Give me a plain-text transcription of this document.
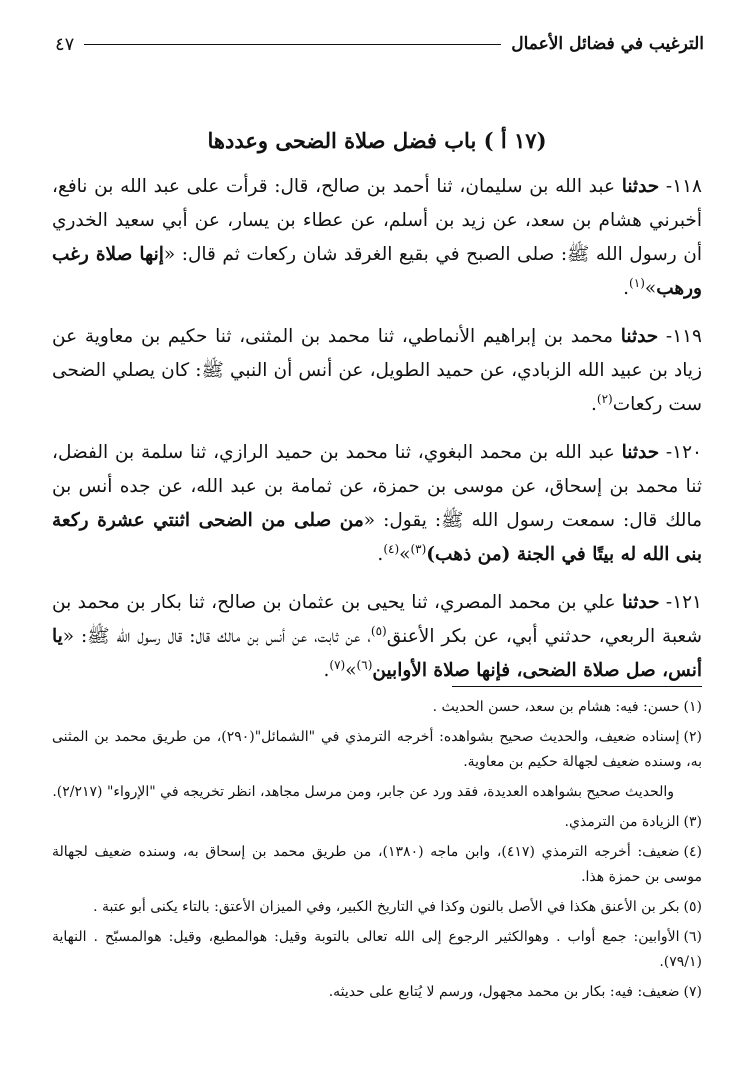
الترغيب في فضائل الأعمال
٤٧
(١٧ أ ) باب فضل صلاة الضحى وعددها

١١٨- حدثنا عبد الله بن سليمان، ثنا أحمد بن صالح، قال: قرأت على عبد الله بن نافع، أخبرني هشام بن سعد، عن زيد بن أسلم، عن عطاء بن يسار، عن أبي سعيد الخدري أن رسول الله ﷺ: صلى الصبح في بقيع الغرقد شان ركعات ثم قال: «إنها صلاة رغب ورهب»$^{(١)}$.

١١٩- حدثنا محمد بن إبراهيم الأنماطي، ثنا محمد بن المثنى، ثنا حكيم بن معاوية عن زياد بن عبيد الله الزبادي، عن حميد الطويل، عن أنس أن النبي ﷺ: كان يصلي الضحى ست ركعات$^{(٢)}$.

١٢٠- حدثنا عبد الله بن محمد البغوي، ثنا محمد بن حميد الرازي، ثنا سلمة بن الفضل، ثنا محمد بن إسحاق، عن موسى بن حمزة، عن ثمامة بن عبد الله، عن جده أنس بن مالك قال: سمعت رسول الله ﷺ: يقول: «من صلى من الضحى اثنتي عشرة ركعة بنى الله له بيتًا في الجنة (من ذهب)$^{(٣)}$»$^{(٤)}$.

١٢١- حدثنا علي بن محمد المصري، ثنا يحيى بن عثمان بن صالح، ثنا بكار بن محمد بن شعبة الربعي، حدثني أبي، عن بكر الأعنق$^{(٥)}$، عن ثابت، عن أنس بن مالك قال: قال رسول الله ﷺ: «يا أنس، صل صلاة الضحى، فإنها صلاة الأوابين$^{(٦)}$»$^{(٧)}$.

(١)حسن: فيه: هشام بن سعد، حسن الحديث .

(٢)إسناده ضعيف، والحديث صحيح بشواهده: أخرجه الترمذي في "الشمائل"(٢٩٠)، من طريق محمد بن المثنى به، وسنده ضعيف لجهالة حكيم بن معاوية.

والحديث صحيح بشواهده العديدة، فقد ورد عن جابر، ومن مرسل مجاهد، انظر تخريجه في "الإرواء" (٢/٢١٧).

(٣)الزيادة من الترمذي.

(٤)ضعيف: أخرجه الترمذي (٤١٧)، وابن ماجه (١٣٨٠)، من طريق محمد بن إسحاق به، وسنده ضعيف لجهالة موسى بن حمزة هذا.

(٥)بكر بن الأعنق هكذا في الأصل بالنون وكذا في التاريخ الكبير، وفي الميزان الأعتق: بالتاء يكنى أبو عتبة .

(٦)الأوابين: جمع أواب . وهوالكثير الرجوع إلى الله تعالى بالتوبة وقيل: هوالمطيع، وقيل: هوالمسبّح . النهاية (٧٩/١).

(٧)ضعيف: فيه: بكار بن محمد مجهول، ورسم لا يُتابع على حديثه.
